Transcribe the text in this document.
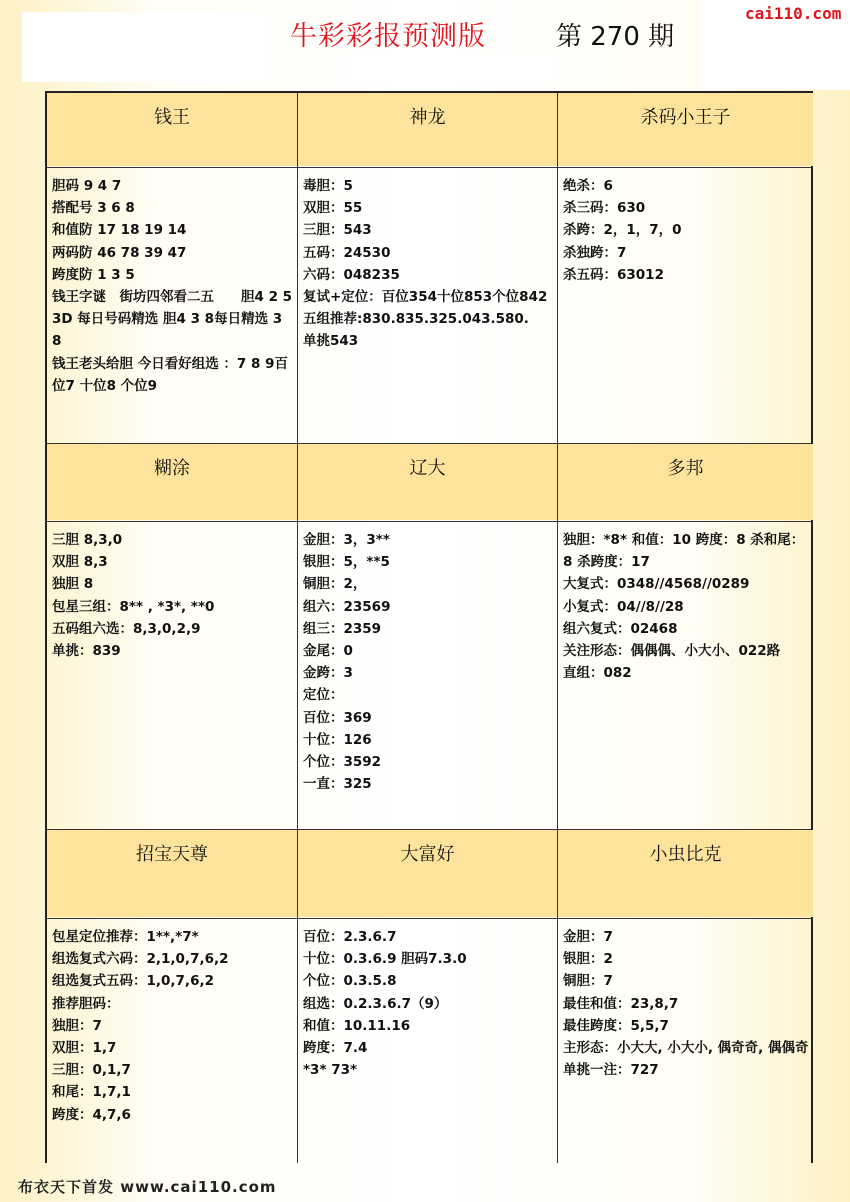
牛彩彩报预测版	第 270 期
cai110.com
钱王
胆码 9 4 7
搭配号 3 6 8
和值防 17 18 19 14
两码防 46 78 39 47
跨度防 1 3 5
钱王字谜　街坊四邻看二五　　胆4 2 5
3D 每日号码精选 胆4 3 8每日精选 3 8
钱王老头给胆 今日看好组选 ：7 8 9百位7 十位8 个位9
神龙
毒胆：5
双胆：55
三胆：543
五码：24530
六码：048235
复试+定位：百位354十位853个位842
五组推荐:830.835.325.043.580.
单挑543
杀码小王子
绝杀：6
杀三码：630
杀跨：2，1，7，0
杀独跨：7
杀五码：63012
糊涂
三胆 8,3,0
双胆 8,3
独胆 8
包星三组：8** , *3*, **0
五码组六选：8,3,0,2,9
单挑：839
辽大
金胆：3，3**
银胆：5，**5
铜胆：2，
组六：23569
组三：2359
金尾：0
金跨：3
定位：
百位：369
十位：126
个位：3592
一直：325
多邦
独胆：*8* 和值：10 跨度：8 杀和尾：8 杀跨度：17
大复式：0348//4568//0289
小复式：04//8//28
组六复式：02468
关注形态：偶偶偶、小大小、022路
直组：082
招宝天尊
包星定位推荐：1**,*7*
组选复式六码：2,1,0,7,6,2
组选复式五码：1,0,7,6,2
推荐胆码：
独胆：7
双胆：1,7
三胆：0,1,7
和尾：1,7,1
跨度：4,7,6
大富好
百位：2.3.6.7
十位：0.3.6.9 胆码7.3.0
个位：0.3.5.8
组选：0.2.3.6.7（9）
和值：10.11.16
跨度：7.4
*3* 73*
小虫比克
金胆：7
银胆：2
铜胆：7
最佳和值：23,8,7
最佳跨度：5,5,7
主形态：小大大, 小大小, 偶奇奇, 偶偶奇
单挑一注：727
布衣天下首发 www.cai110.com
